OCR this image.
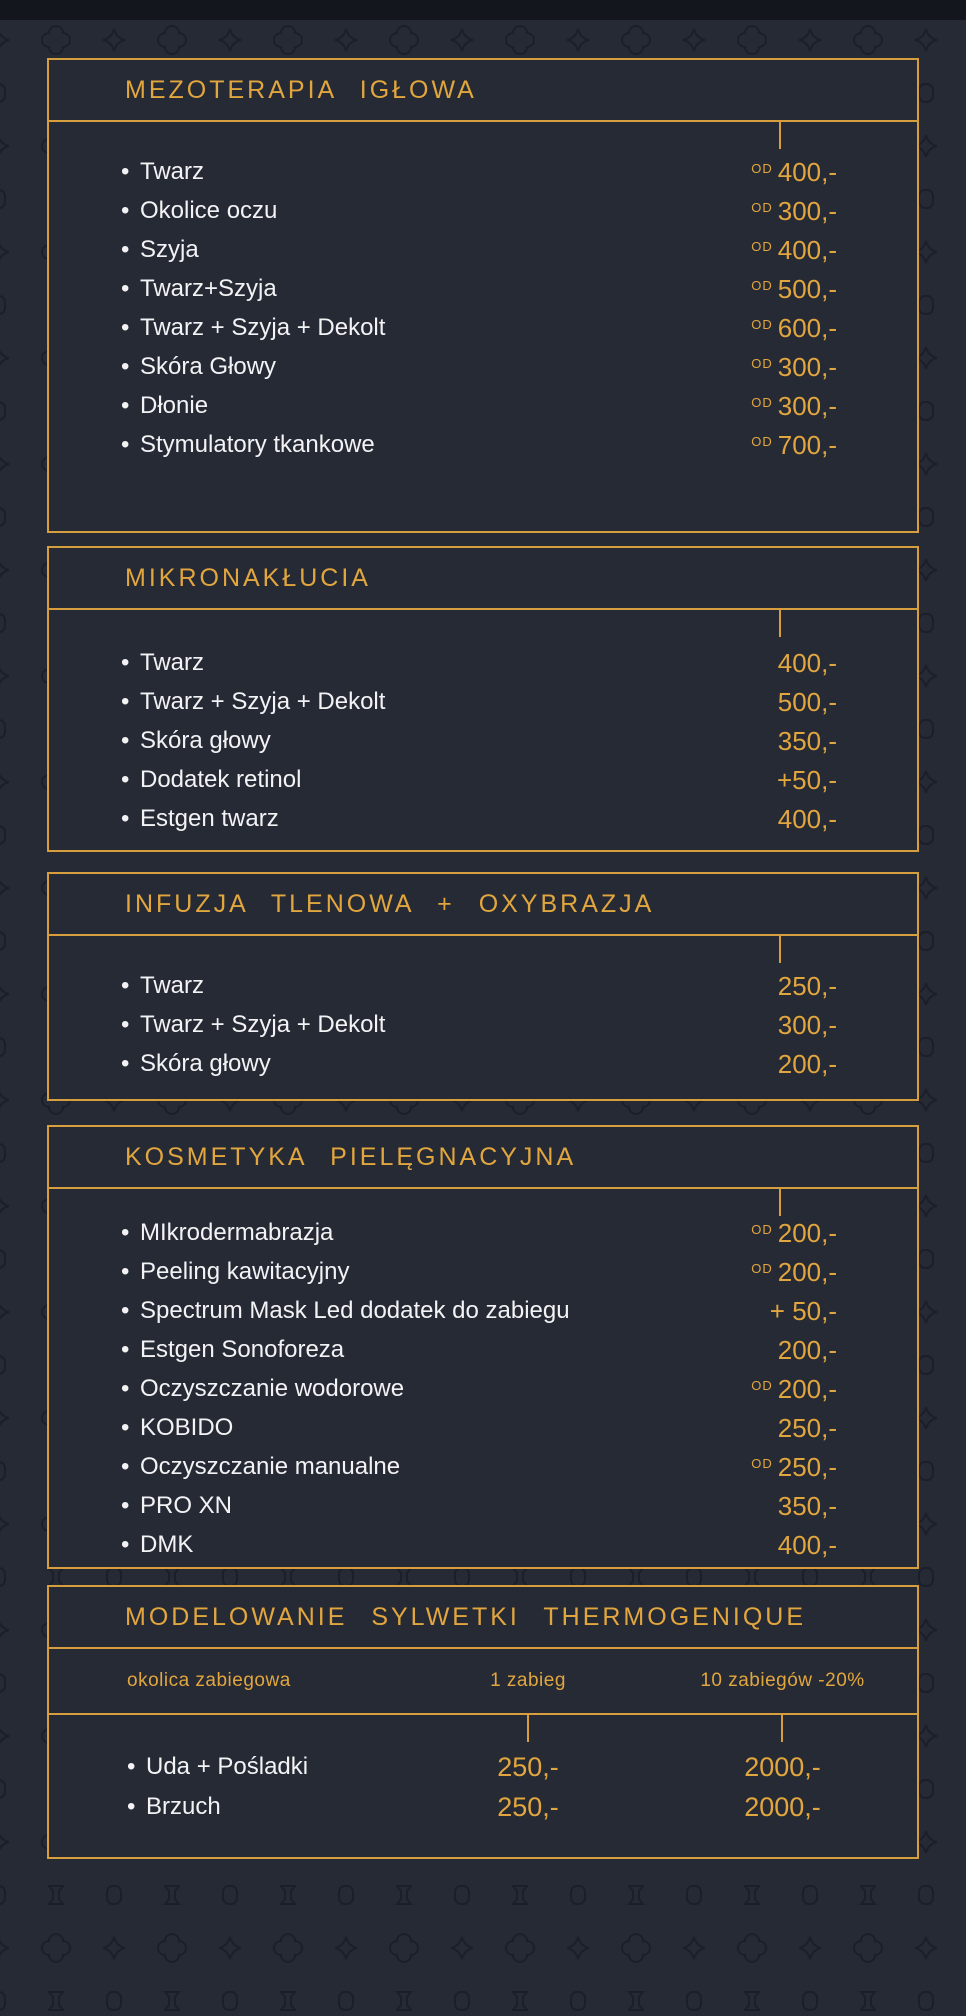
MEZOTERAPIA IGŁOWA
• Twarz	OD 400,-
• Okolice oczu	OD 300,-
• Szyja	OD 400,-
• Twarz+Szyja	OD 500,-
• Twarz + Szyja + Dekolt	OD 600,-
• Skóra Głowy	OD 300,-
• Dłonie	OD 300,-
• Stymulatory tkankowe	OD 700,-
MIKRONAKŁUCIA
• Twarz	400,-
• Twarz + Szyja + Dekolt	500,-
• Skóra głowy	350,-
• Dodatek retinol	+50,-
• Estgen twarz	400,-
INFUZJA TLENOWA + OXYBRAZJA
• Twarz	250,-
• Twarz + Szyja + Dekolt	300,-
• Skóra głowy	200,-
KOSMETYKA PIELĘGNACYJNA
• MIkrodermabrazja	OD 200,-
• Peeling kawitacyjny	OD 200,-
• Spectrum Mask Led dodatek do zabiegu	+ 50,-
• Estgen Sonoforeza	200,-
• Oczyszczanie wodorowe	OD 200,-
• KOBIDO	250,-
• Oczyszczanie manualne	OD 250,-
• PRO XN	350,-
• DMK	400,-
MODELOWANIE SYLWETKI THERMOGENIQUE
okolica zabiegowa	1 zabieg	10 zabiegów -20%
• Uda + Pośladki	250,-	2000,-
• Brzuch	250,-	2000,-
